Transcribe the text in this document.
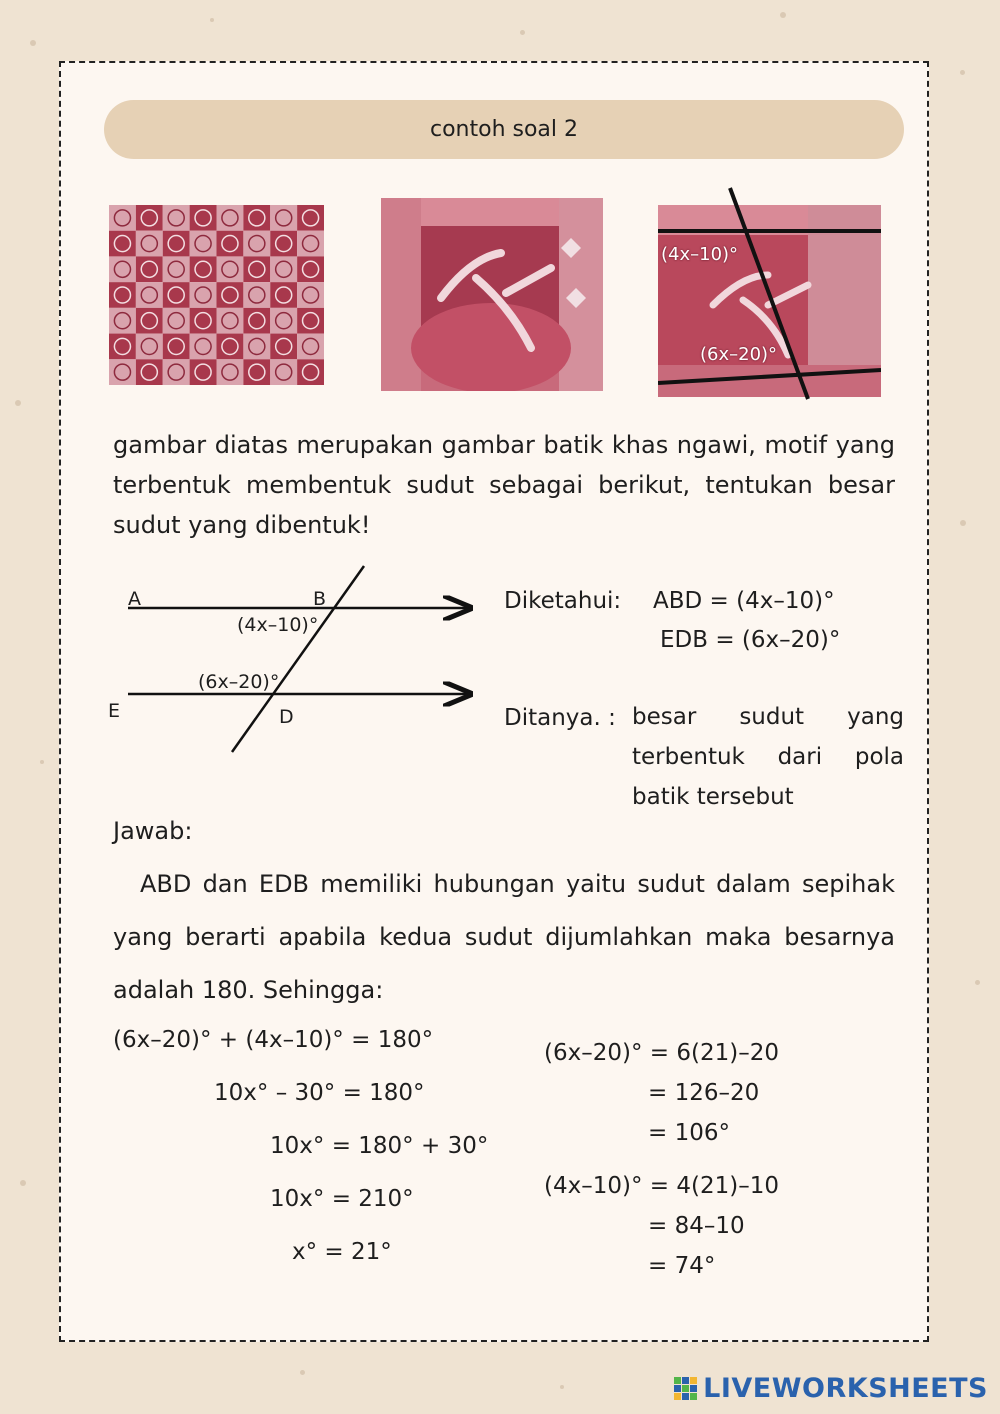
contoh soal 2
(4x–10)°
(6x–20)°
gambar diatas merupakan gambar batik khas ngawi, motif yang terbentuk membentuk sudut sebagai berikut, tentukan besar sudut yang dibentuk!
A	B
(4x–10)°
(6x–20)°
E	D
Diketahui: ABD = (4x–10)°
EDB = (6x–20)°
Ditanya. : besar sudut yang terbentuk dari pola batik tersebut
Jawab:
ABD dan EDB memiliki hubungan yaitu sudut dalam sepihak yang berarti apabila kedua sudut dijumlahkan maka besarnya adalah 180. Sehingga:
(6x–20)° + (4x–10)° = 180°
10x° – 30° = 180°
10x° = 180° + 30°
10x° = 210°
x° = 21°
(6x–20)° = 6(21)–20
= 126–20
= 106°
(4x–10)° = 4(21)–10
= 84–10
= 74°
LIVEWORKSHEETS
